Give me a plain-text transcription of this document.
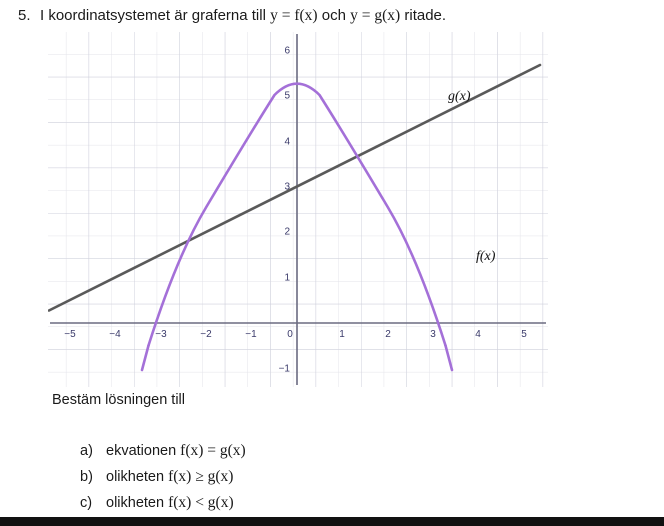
5. I koordinatsystemet är grafernа till y = f(x) och y = g(x) ritade.
−5	−4	−3	−2	−1	0	1	2	3	4	5
−1
1
2
3
4
5
6
g(x)
f(x)
Bestäm lösningen till
a) ekvationen f(x) = g(x)
b) olikheten f(x) ≥ g(x)
c) olikheten f(x) < g(x)
